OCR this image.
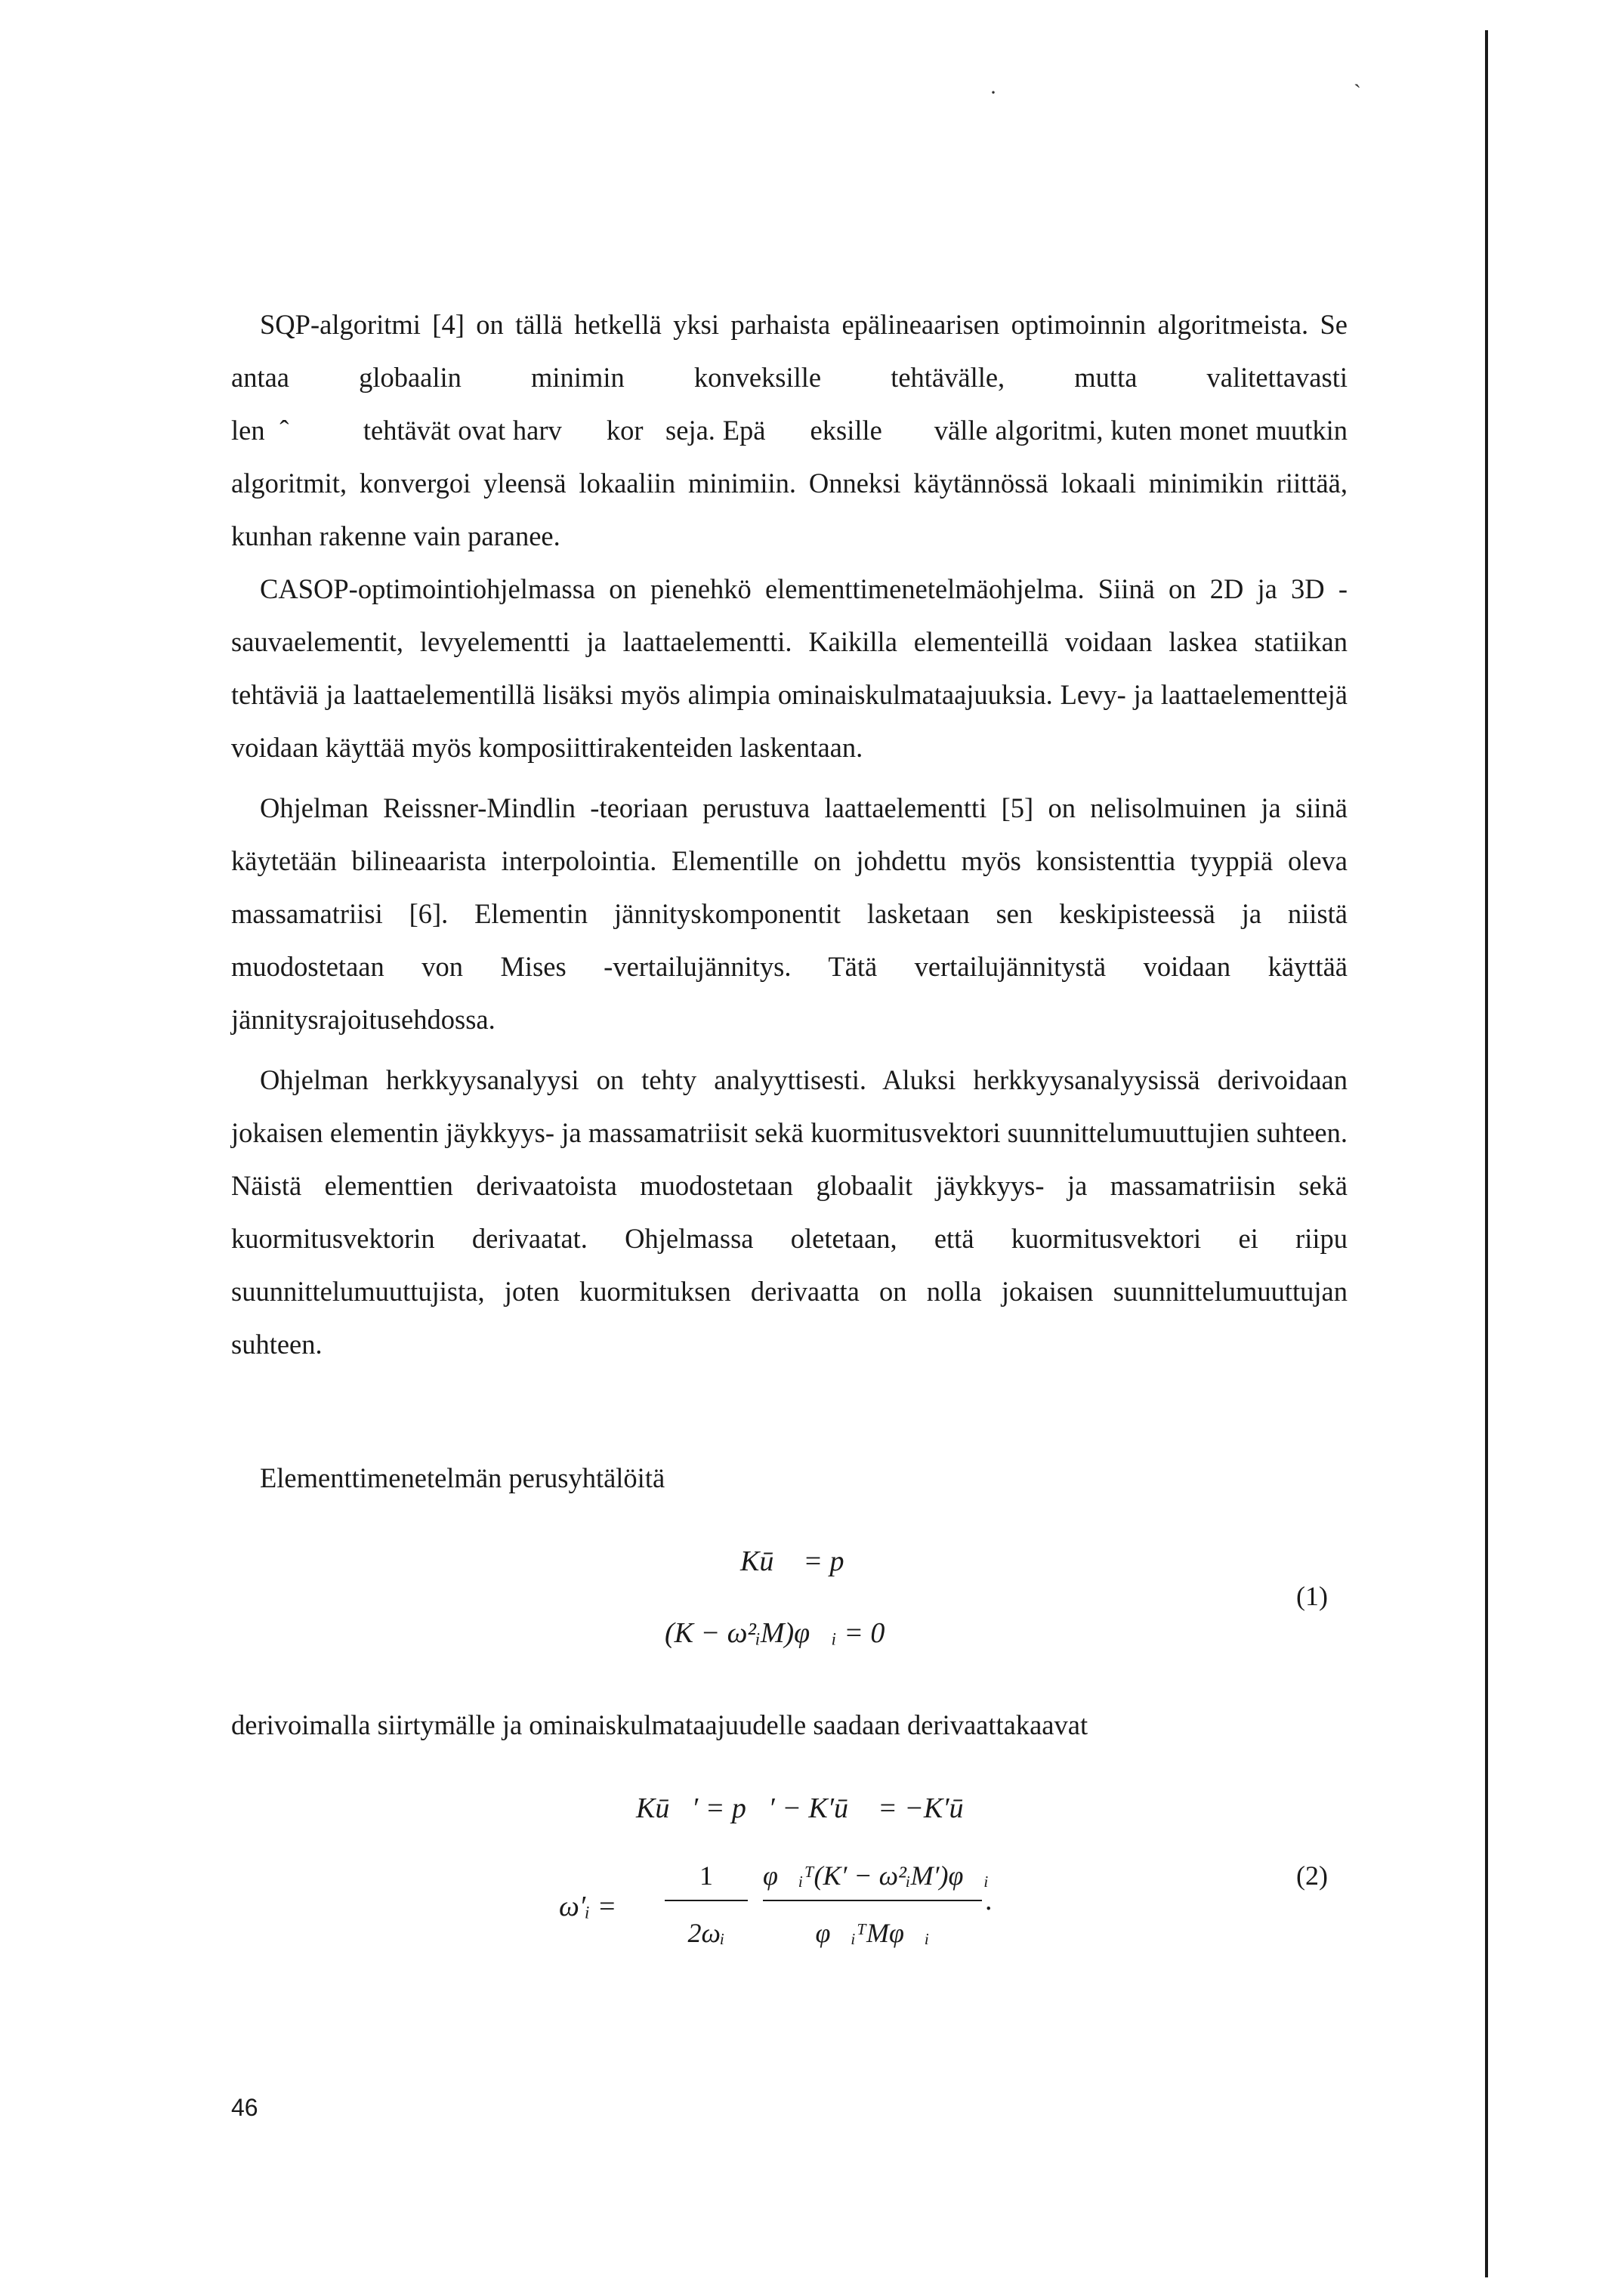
·	`

SQP-algoritmi [4] on tällä hetkellä yksi parhaista epälineaarisen optimoinnin algoritmeista. Se antaa globaalin minimin konveksille tehtävälle, mutta valitettavasti len  ˆ          tehtävät ovat harv      kor   seja. Epä      eksille       välle algoritmi, kuten monet muutkin algoritmit, konvergoi yleensä lokaaliin minimiin. Onneksi käytännössä lokaali minimikin riittää, kunhan rakenne vain paranee.

CASOP-optimointiohjelmassa on pienehkö elementtimenetelmäohjelma. Siinä on 2D ja 3D -sauvaelementit, levyelementti ja laattaelementti. Kaikilla elementeillä voidaan laskea statiikan tehtäviä ja laattaelementillä lisäksi myös alimpia ominaiskulmataajuuksia. Levy- ja laattaelementtejä voidaan käyttää myös komposiittirakenteiden laskentaan.

Ohjelman Reissner-Mindlin -teoriaan perustuva laattaelementti [5] on nelisolmuinen ja siinä käytetään bilineaarista interpolointia. Elementille on johdettu myös konsistenttia tyyppiä oleva massamatriisi [6]. Elementin jännityskomponentit lasketaan sen keskipisteessä ja niistä muodostetaan von Mises -vertailujännitys. Tätä vertailujännitystä voidaan käyttää jännitysrajoitusehdossa.

Ohjelman herkkyysanalyysi on tehty analyyttisesti. Aluksi herkkyysanalyysissä derivoidaan jokaisen elementin jäykkyys- ja massamatriisit sekä kuormitusvektori suunnittelumuuttujien suhteen. Näistä elementtien derivaatoista muodostetaan globaalit jäykkyys- ja massamatriisin sekä kuormitusvektorin derivaatat. Ohjelmassa oletetaan, että kuormitusvektori ei riipu suunnittelumuuttujista, joten kuormituksen derivaatta on nolla jokaisen suunnittelumuuttujan suhteen.

Elementtimenetelmän perusyhtälöitä
Kū⃗ = p⃗
(K − ω²ᵢM)φ⃗ᵢ = 0⃗
(1)
derivoimalla siirtymälle ja ominaiskulmataajuudelle saadaan derivaattakaavat
Kū⃗′ = p⃗′ − K′ū⃗ = −K′ū⃗
ω′ᵢ =
1
2ωᵢ
φ⃗ᵢᵀ(K′ − ω²ᵢM′)φ⃗ᵢ
φ⃗ᵢᵀMφ⃗ᵢ
.
(2)
46
